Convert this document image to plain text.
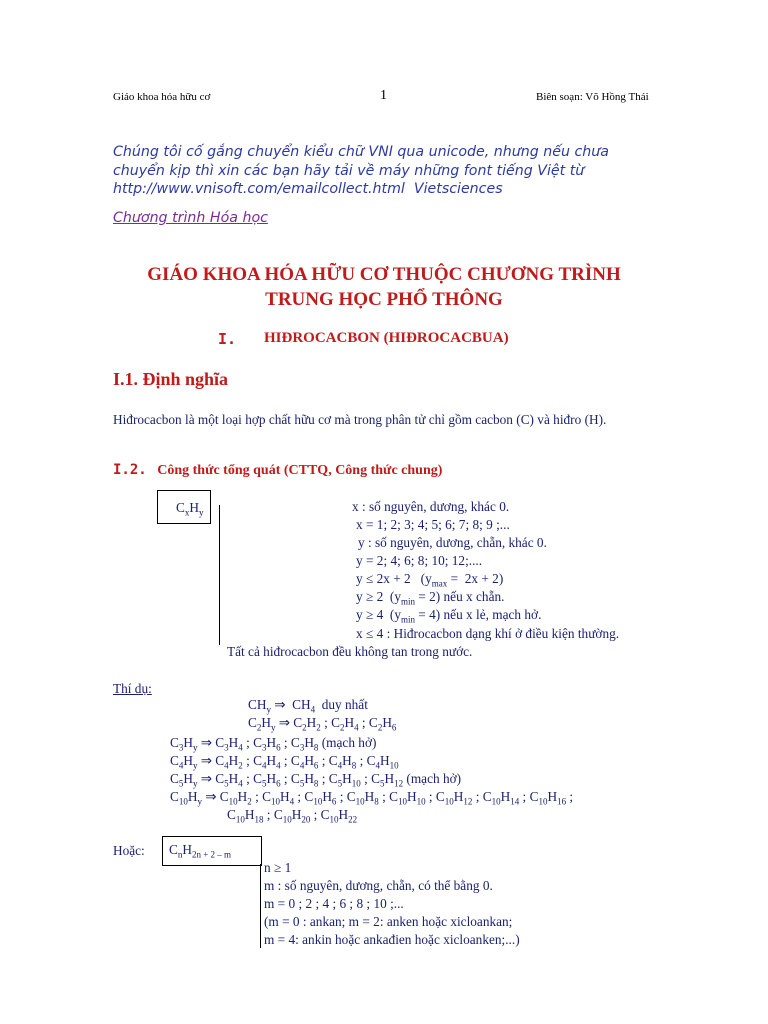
Giáo khoa hóa hữu cơ	1	Biên soạn: Võ Hồng Thái
Chúng tôi cố gắng chuyển kiểu chữ VNI qua unicode, nhưng nếu chưa
chuyển kịp thì xin các bạn hãy tải về máy những font tiếng Việt từ
http://www.vnisoft.com/emailcollect.html Vietsciences
Chương trình Hóa học
GIÁO KHOA HÓA HỮU CƠ THUỘC CHƯƠNG TRÌNH
TRUNG HỌC PHỔ THÔNG
I. HIĐROCACBON (HIĐROCACBUA)
I.1. Định nghĩa
Hiđrocacbon là một loại hợp chất hữu cơ mà trong phân tử chỉ gồm cacbon (C) và hiđro (H).
I.2. Công thức tổng quát (CTTQ, Công thức chung)
$C_xH_y$	x : số nguyên, dương, khác 0.
x = 1; 2; 3; 4; 5; 6; 7; 8; 9 ;...
y : số nguyên, dương, chẵn, khác 0.
y = 2; 4; 6; 8; 10; 12;....
y ≤ 2x + 2   $(y_{max} = 2x + 2)$
y ≥ 2  $(y_{min} = 2)$ nếu x chẵn.
y ≥ 4  $(y_{min} = 4)$ nếu x lẻ, mạch hở.
x ≤ 4 : Hiđrocacbon dạng khí ở điều kiện thường.
Tất cả hiđrocacbon đều không tan trong nước.
Thí dụ:
$CH_y$ ⇒  $CH_4$  duy nhất
$C_2H_y$ ⇒ $C_2H_2$ ; $C_2H_4$ ; $C_2H_6$
$C_3H_y$ ⇒ $C_3H_4$ ; $C_3H_6$ ; $C_3H_8$ (mạch hở)
$C_4H_y$ ⇒ $C_4H_2$ ; $C_4H_4$ ; $C_4H_6$ ; $C_4H_8$ ; $C_4H_{10}$
$C_5H_y$ ⇒ $C_5H_4$ ; $C_5H_6$ ; $C_5H_8$ ; $C_5H_{10}$ ; $C_5H_{12}$ (mạch hở)
$C_{10}H_y$ ⇒ $C_{10}H_2$ ; $C_{10}H_4$ ; $C_{10}H_6$ ; $C_{10}H_8$ ; $C_{10}H_{10}$ ; $C_{10}H_{12}$ ; $C_{10}H_{14}$ ; $C_{10}H_{16}$ ;
$C_{10}H_{18}$ ; $C_{10}H_{20}$ ; $C_{10}H_{22}$
Hoặc: $C_nH_{2n + 2 - m}$
n ≥ 1
m : số nguyên, dương, chẵn, có thể bằng 0.
m = 0 ; 2 ; 4 ; 6 ; 8 ; 10 ;...
(m = 0 : ankan; m = 2: anken hoặc xicloankan;
m = 4: ankin hoặc ankađien hoặc xicloanken;...)
